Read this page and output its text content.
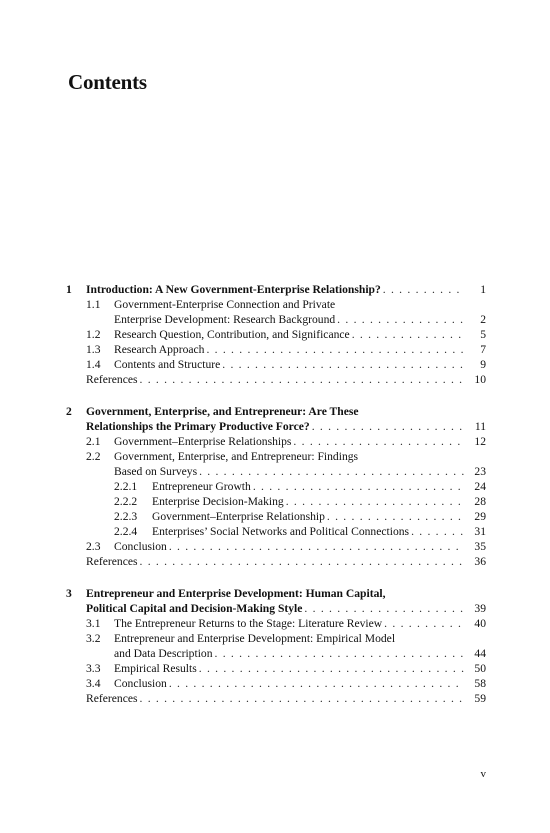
Contents
1	Introduction: A New Government-Enterprise Relationship? . . .	1
1.1	Government-Enterprise Connection and Private
Enterprise Development: Research Background . . .	2
1.2	Research Question, Contribution, and Significance . . .	5
1.3	Research Approach . . .	7
1.4	Contents and Structure . . .	9
References . . .	10
2	Government, Enterprise, and Entrepreneur: Are These
Relationships the Primary Productive Force? . . .	11
2.1	Government–Enterprise Relationships . . .	12
2.2	Government, Enterprise, and Entrepreneur: Findings
Based on Surveys . . .	23
2.2.1	Entrepreneur Growth . . .	24
2.2.2	Enterprise Decision-Making . . .	28
2.2.3	Government–Enterprise Relationship . . .	29
2.2.4	Enterprises’ Social Networks and Political Connections . . .	31
2.3	Conclusion . . .	35
References . . .	36
3	Entrepreneur and Enterprise Development: Human Capital,
Political Capital and Decision-Making Style . . .	39
3.1	The Entrepreneur Returns to the Stage: Literature Review . . .	40
3.2	Entrepreneur and Enterprise Development: Empirical Model
and Data Description . . .	44
3.3	Empirical Results . . .	50
3.4	Conclusion . . .	58
References . . .	59
v
